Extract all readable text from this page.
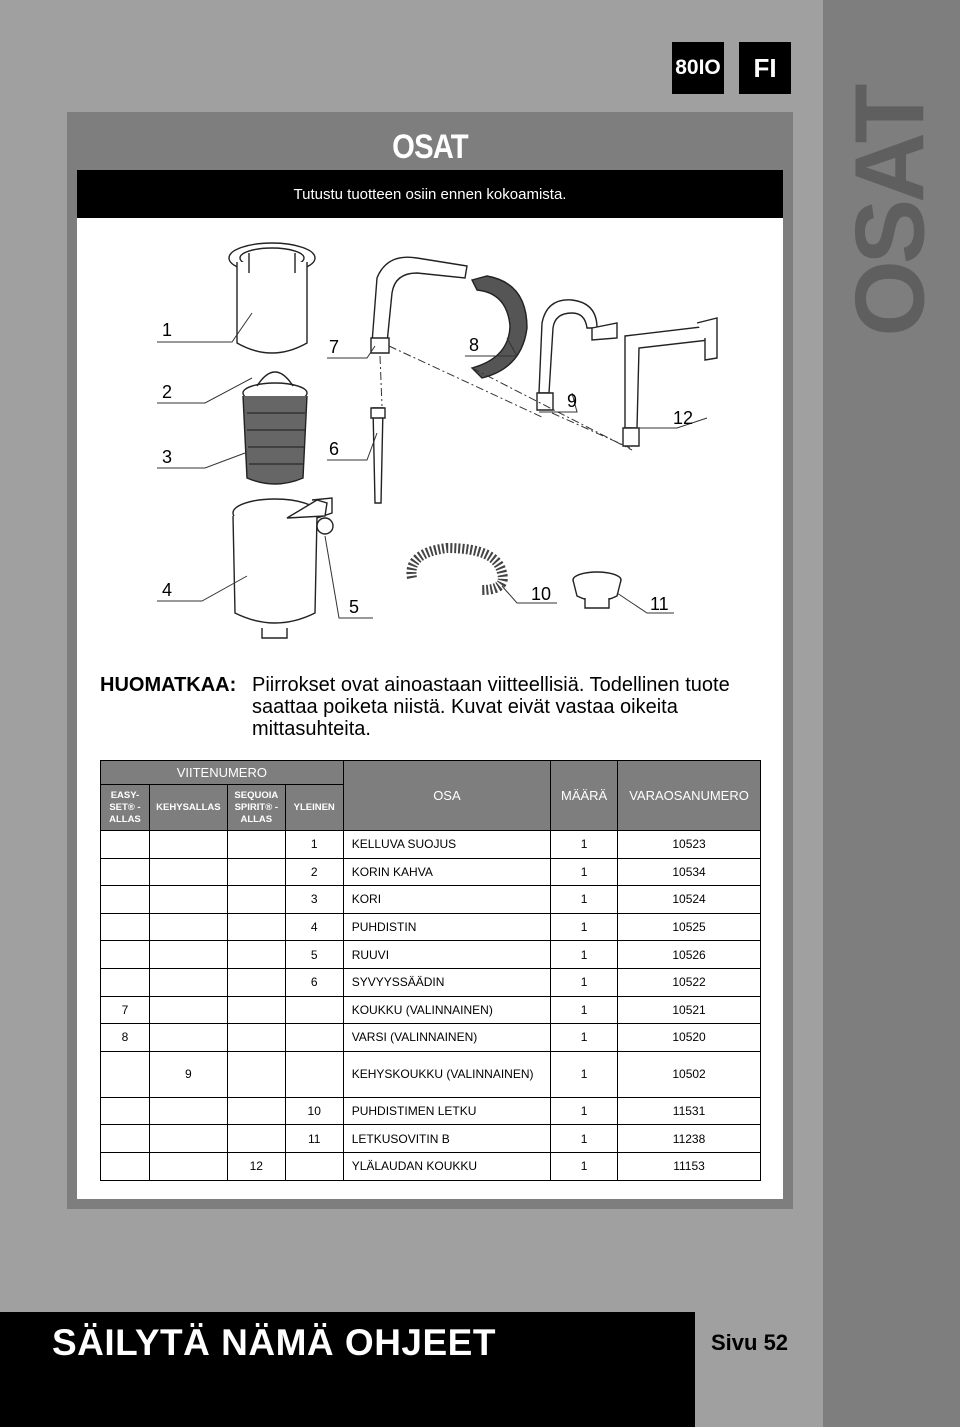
OSAT
80IO	FI
OSAT
Tutustu tuotteen osiin ennen kokoamista.
1
2
3
4
5
6
7	8
9
10	11
12
HUOMATKAA: Piirrokset ovat ainoastaan viitteellisiä. Todellinen tuote saattaa poiketa niistä. Kuvat eivät vastaa oikeita mittasuhteita.
VIITENUMERO				OSA	MÄÄRÄ	VARAOSANUMERO
EASY-SET® -ALLAS	KEHYSALLAS	SEQUOIA SPIRIT® -ALLAS	YLEINEN			
			1	KELLUVA SUOJUS	1	10523
			2	KORIN KAHVA	1	10534
			3	KORI	1	10524
			4	PUHDISTIN	1	10525
			5	RUUVI	1	10526
			6	SYVYYSSÄÄDIN	1	10522
7				KOUKKU (VALINNAINEN)	1	10521
8				VARSI (VALINNAINEN)	1	10520
	9			KEHYSKOUKKU (VALINNAINEN)	1	10502
			10	PUHDISTIMEN LETKU	1	11531
			11	LETKUSOVITIN B	1	11238
		12		YLÄLAUDAN KOUKKU	1	11153
SÄILYTÄ NÄMÄ OHJEET	Sivu 52
